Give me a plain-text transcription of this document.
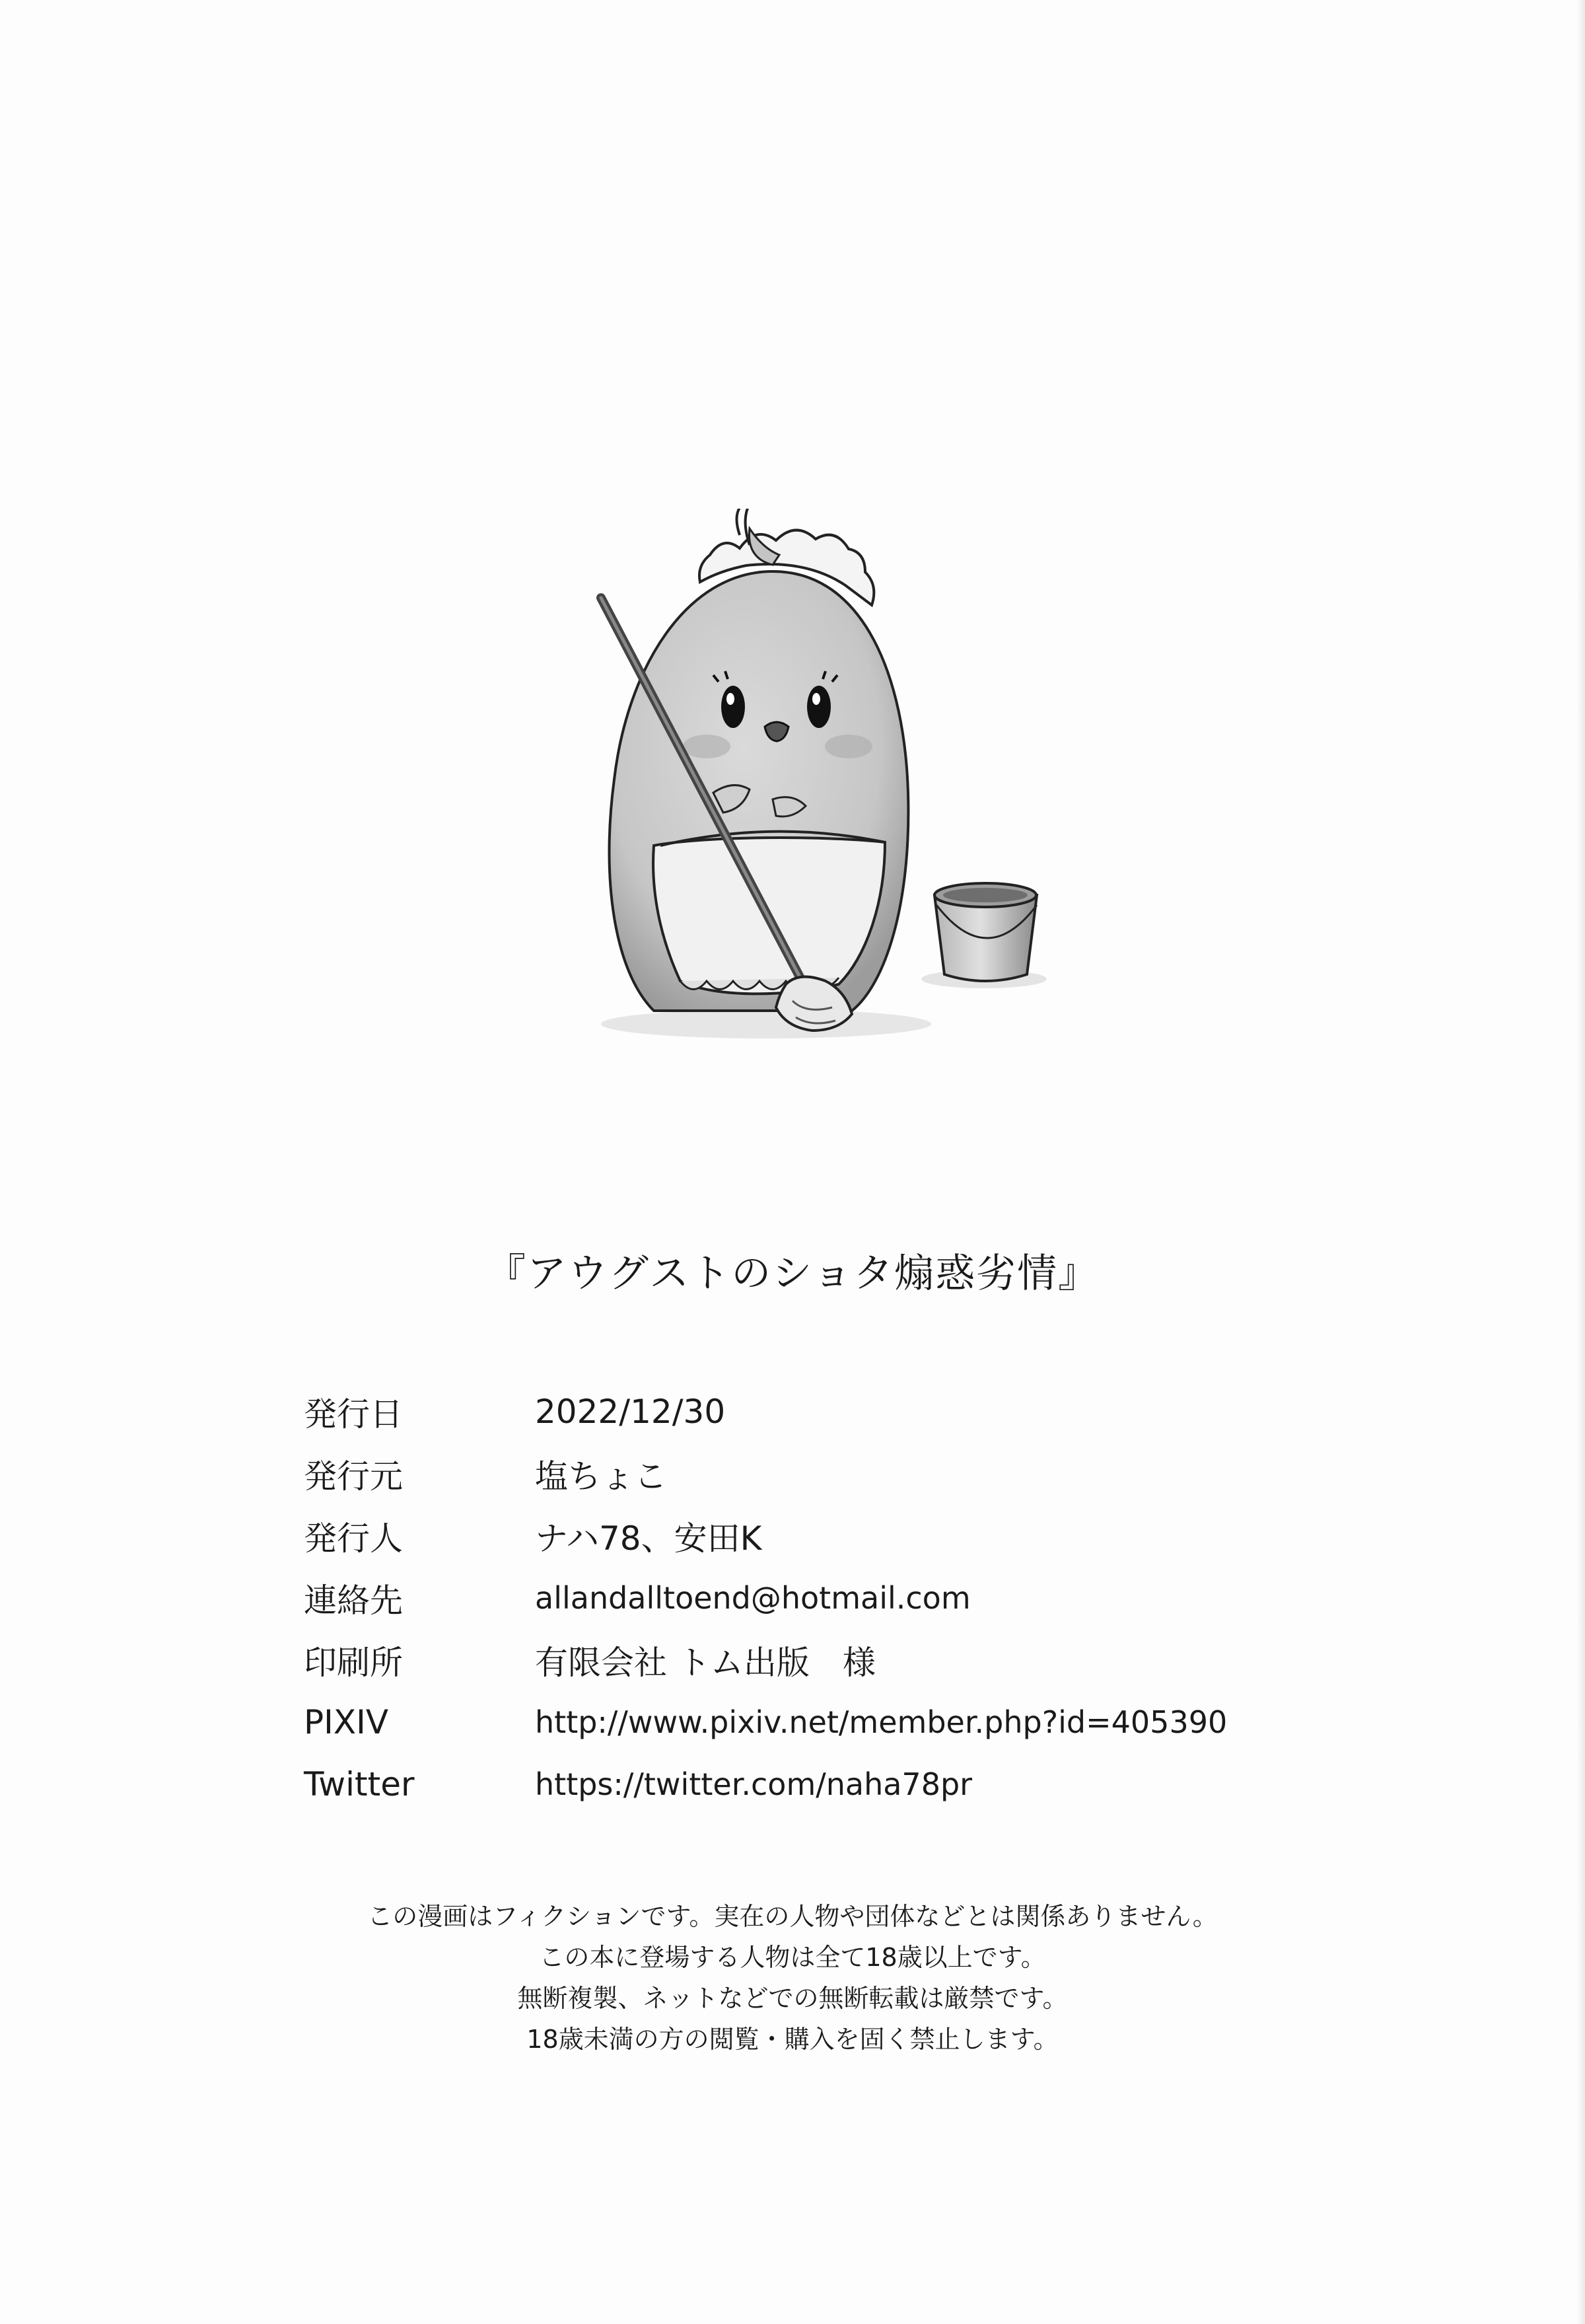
『アウグストのショタ煽惑劣情』
発行日	2022/12/30
発行元	塩ちょこ
発行人	ナハ78、安田K
連絡先	allandalltoend@hotmail.com
印刷所	有限会社 トム出版　様
PIXIV	http://www.pixiv.net/member.php?id=405390
Twitter	https://twitter.com/naha78pr
この漫画はフィクションです。実在の人物や団体などとは関係ありません。
この本に登場する人物は全て18歳以上です。
無断複製、ネットなどでの無断転載は厳禁です。
18歳未満の方の閲覧・購入を固く禁止します。
